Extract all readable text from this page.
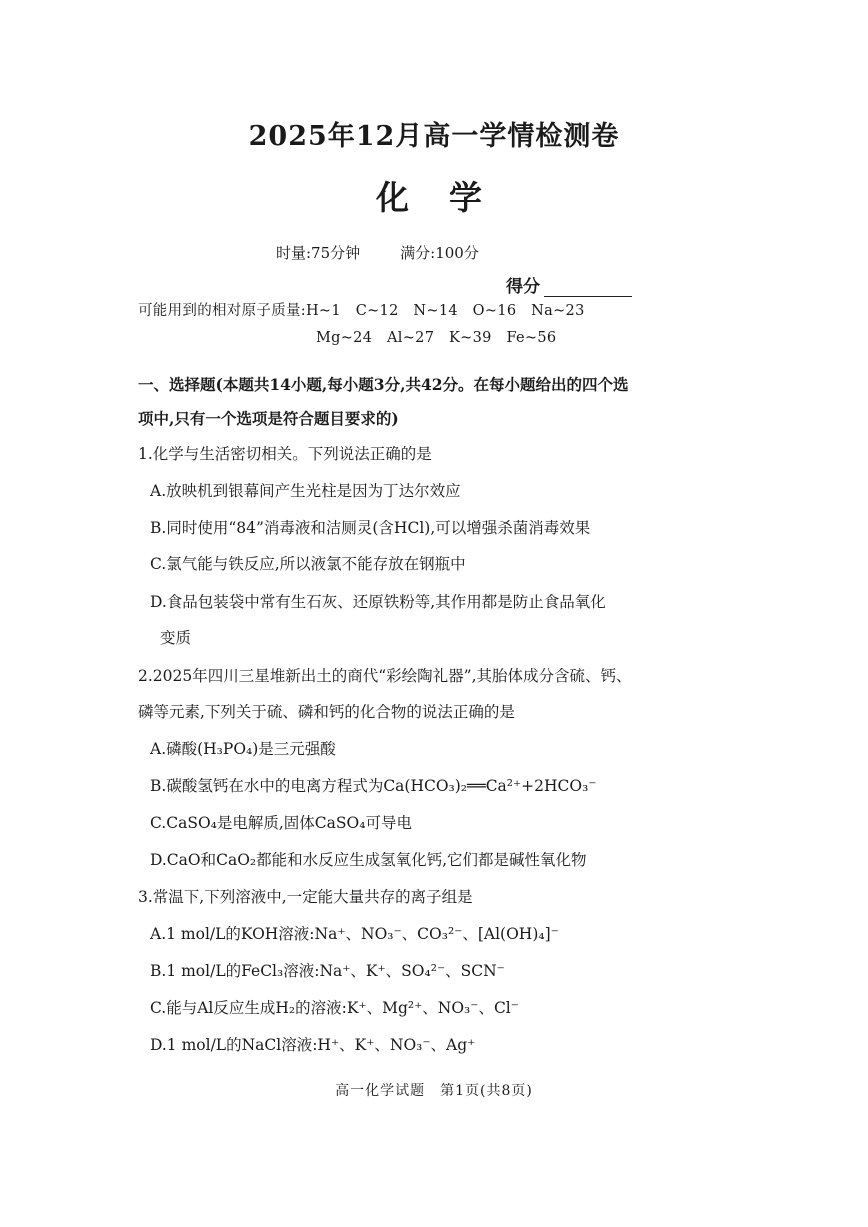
2025年12月高一学情检测卷
化学
时量:75分钟	满分:100分
得分
可能用到的相对原子质量:H~1　C~12　N~14　O~16　Na~23
Mg~24　Al~27　K~39　Fe~56
一、选择题(本题共14小题,每小题3分,共42分。在每小题给出的四个选项中,只有一个选项是符合题目要求的)
1.化学与生活密切相关。下列说法正确的是
A.放映机到银幕间产生光柱是因为丁达尔效应
B.同时使用“84”消毒液和洁厕灵(含HCl),可以增强杀菌消毒效果
C.氯气能与铁反应,所以液氯不能存放在钢瓶中
D.食品包装袋中常有生石灰、还原铁粉等,其作用都是防止食品氧化
变质
2.2025年四川三星堆新出土的商代“彩绘陶礼器”,其胎体成分含硫、钙、
磷等元素,下列关于硫、磷和钙的化合物的说法正确的是
A.磷酸(H₃PO₄)是三元强酸
B.碳酸氢钙在水中的电离方程式为Ca(HCO₃)₂══Ca²⁺+2HCO₃⁻
C.CaSO₄是电解质,固体CaSO₄可导电
D.CaO和CaO₂都能和水反应生成氢氧化钙,它们都是碱性氧化物
3.常温下,下列溶液中,一定能大量共存的离子组是
A.1 mol/L的KOH溶液:Na⁺、NO₃⁻、CO₃²⁻、[Al(OH)₄]⁻
B.1 mol/L的FeCl₃溶液:Na⁺、K⁺、SO₄²⁻、SCN⁻
C.能与Al反应生成H₂的溶液:K⁺、Mg²⁺、NO₃⁻、Cl⁻
D.1 mol/L的NaCl溶液:H⁺、K⁺、NO₃⁻、Ag⁺
高一化学试题　第1页(共8页)
